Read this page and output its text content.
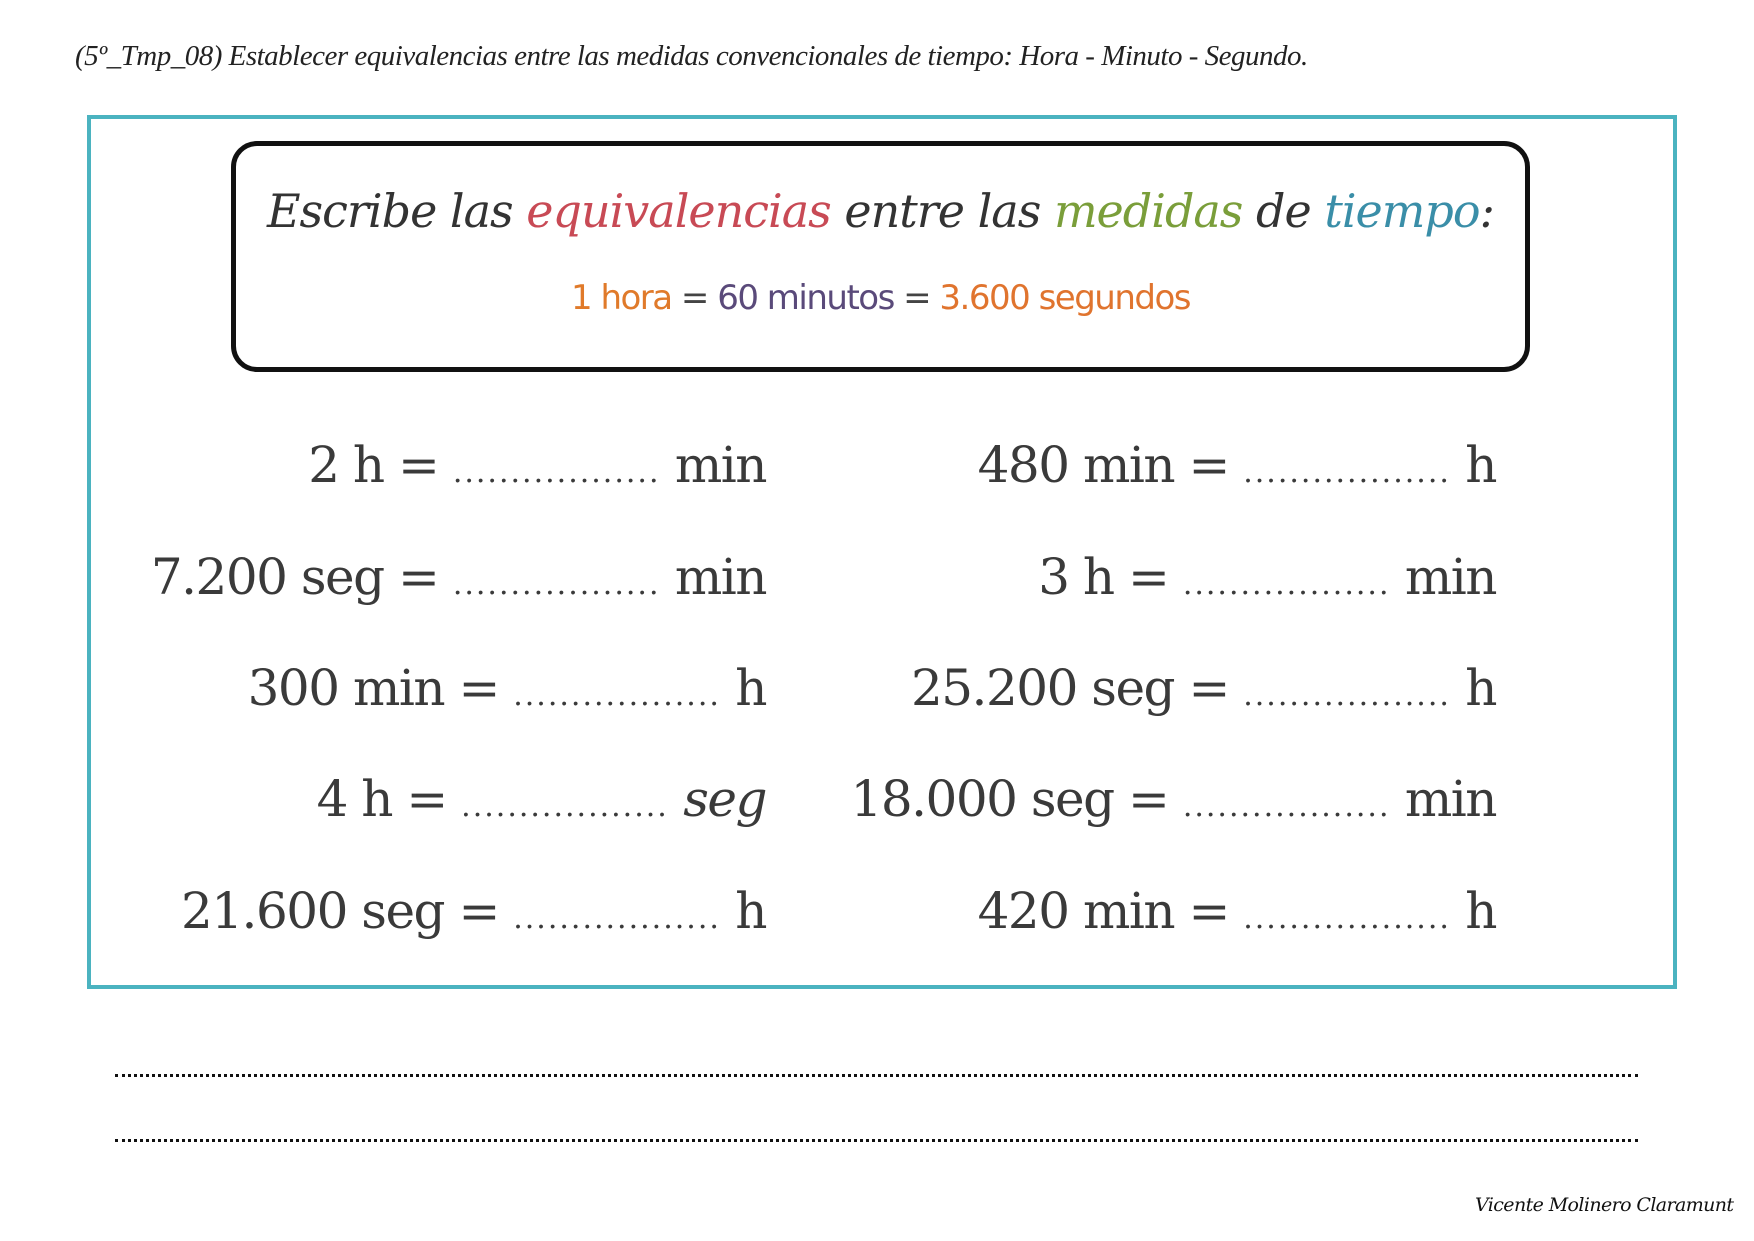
(5º_Tmp_08) Establecer equivalencias entre las medidas convencionales de tiempo: Hora - Minuto - Segundo.
Escribe las equivalencias entre las medidas de tiempo:
1 hora = 60 minutos = 3.600 segundos
2 h = .................. min
7.200 seg = .................. min
300 min = .................. h
4 h = .................. seg
21.600 seg = .................. h
480 min = .................. h
3 h = .................. min
25.200 seg = .................. h
18.000 seg = .................. min
420 min = .................. h
Vicente Molinero Claramunt
